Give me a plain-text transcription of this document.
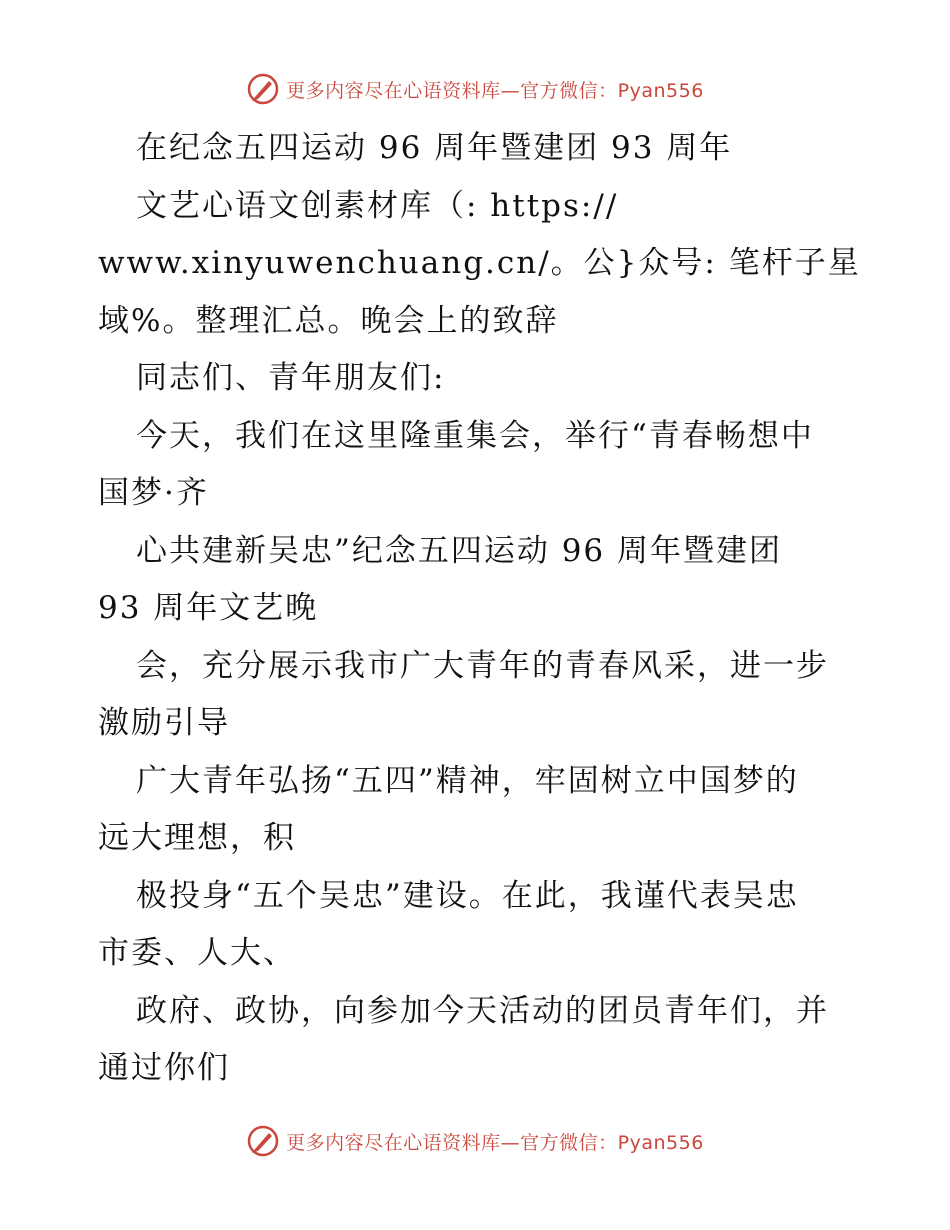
更多内容尽在心语资料库—官方微信：Pyan556
在纪念五四运动 96 周年暨建团 93 周年
文艺心语文创素材库（: https://
www.xinyuwenchuang.cn/。公}众号: 笔杆子星
域%。整理汇总。晚会上的致辞
同志们、青年朋友们:
今天，我们在这里隆重集会，举行“青春畅想中
国梦·齐
心共建新吴忠”纪念五四运动 96 周年暨建团
93 周年文艺晚
会，充分展示我市广大青年的青春风采，进一步
激励引导
广大青年弘扬“五四”精神，牢固树立中国梦的
远大理想，积
极投身“五个吴忠”建设。在此，我谨代表吴忠
市委、人大、
政府、政协，向参加今天活动的团员青年们，并
通过你们
更多内容尽在心语资料库—官方微信：Pyan556
